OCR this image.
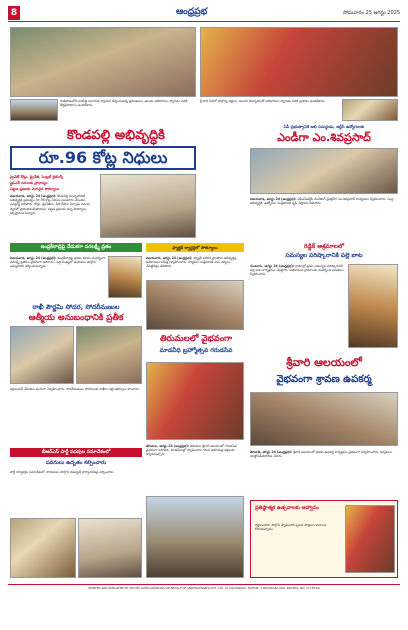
8	ఆంధ్రప్రభ	సోమవారం 25 ఆగస్టు 2025
కాణిపాకంలోని వరసిద్ధి వినాయక స్వామిని దర్శించుకున్న ప్రముఖులు, ఆలయ అధికారులు స్వాగతం పలికి తీర్థప్రసాదాలు అందజేశారు.
శ్రీ వారి సేవలో పాల్గొన్న భక్తులు, ఆలయ మర్యాదలతో అధికారులు స్వాగతం పలికి ప్రసాదం అందజేశారు.
కొండపల్లి అభివృద్ధికి
రూ.96 కోట్ల నిధులు
ప్రైవేట్ రోడ్లు, డ్రైనేజీ, సెంట్రల్ లైటింగ్స్
ఫ్లైఓవర్ పనులకు ప్రాధాన్యం
పట్టణ ప్రజలకు మెరుగైన సౌకర్యాలు
విజయవాడ, ఆగస్టు 24 (ఆంధ్రప్రభ): కొండపల్లి మున్సిపాలిటీ అభివృద్ధికి ప్రభుత్వం రూ.96 కోట్ల నిధులు మంజూరు చేసిందని ఎమ్మెల్యే తెలిపారు. రోడ్లు, డ్రైనేజీలు, వీధి దీపాల ఏర్పాటు పనులు త్వరలో ప్రారంభమవుతాయని, పట్టణ ప్రజలకు అన్ని సౌకర్యాలు కల్పిస్తామని అన్నారు.
ఇంద్రకీలాద్రిపై వేడుకగా వరలక్ష్మీ వ్రతం
విజయవాడ, ఆగస్టు 24 (ఆంధ్రప్రభ): ఇంద్రకీలాద్రిపై శ్రావణ మాసం సందర్భంగా వరలక్ష్మీ వ్రతాలు వైభవంగా జరిగాయి. పెద్ద సంఖ్యలో మహిళలు పాల్గొని అమ్మవారిని దర్శించుకున్నారు.
ఫ్యాక్టరీ క్వార్టర్లలో సౌకర్యాలు
విజయవాడ, ఆగస్టు 24 (ఆంధ్రప్రభ): ఫ్యాక్టరీ పరిసర ప్రాంతాల అభివృద్ధిపై అధికారులు సమీక్ష నిర్వహించారు. కార్మికుల సంక్షేమానికి పలు చర్యలు చేపట్టినట్లు తెలిపారు.
రాఖీ పౌర్ణమి సోదర, సోదరీమణుల
ఆత్మీయ అనుబంధానికి ప్రతీక
రక్షాబంధన్ వేడుకలు ఘనంగా నిర్వహించారు. సోదరీమణులు సోదరులకు రాఖీలు కట్టి ఆశీస్సులు పొందారు.
తిరుమలలో వైభవంగా
మాడవీధి బ్రహ్మోత్సవ గరుడసేవ
తిరుమల, ఆగస్టు 24 (ఆంధ్రప్రభ): తిరుమల శ్రీవారి ఆలయంలో గరుడసేవ వైభవంగా జరిగింది. మాడవీధుల్లో స్వామివారు గరుడ వాహనంపై భక్తులకు దర్శనమిచ్చారు.
బీఆర్ఎస్ పార్టీ పదవుల సమావేశంలో
పవనులు ఉదృతం కల్పించారు
పార్టీ కార్యకర్తల సమావేశంలో నాయకులు పాల్గొని భవిష్యత్ కార్యాచరణపై చర్చించారు.
ఏపీ ప్రభుత్వానికి అభి సమర్థుడు, ఆర్టీసీ ఉద్యోగులకు
ఎండీగా ఎం.శివప్రసాద్
విజయవాడ, ఆగస్టు 24 (ఆంధ్రప్రభ): ఏపీఎస్ఆర్టీసీ మేనేజింగ్ డైరెక్టర్‌గా ఎం.శివప్రసాద్ బాధ్యతలు స్వీకరించారు. సంస్థ అభివృద్ధికి, ఉద్యోగుల సంక్షేమానికి కృషి చేస్తానని తెలిపారు.
రెడ్డిక్ ఆశ్రమాలలో
సమస్యల పరిష్కారానికి పల్లె బాట
గుంటూరు, ఆగస్టు 24 (ఆంధ్రప్రభ): గ్రామాల్లో ప్రజల సమస్యల పరిష్కారానికి పల్లె బాట కార్యక్రమం చేపట్టారు. అధికారులు గ్రామాలను సందర్శించి వినతులు స్వీకరించారు.
శ్రీవారి ఆలయంలో
వైభవంగా శ్రావణ ఉపకర్మ
తిరుపతి, ఆగస్టు 24 (ఆంధ్రప్రభ): శ్రీవారి ఆలయంలో శ్రావణ ఉపకర్మ కార్యక్రమం వైభవంగా నిర్వహించారు. అర్చకులు యజ్ఞోపవీతధారణ చేశారు.
ప్రతిష్ఠాత్మక ఉత్సవాలకు ఆహ్వానం
భక్తులందరూ పాల్గొని స్వామివారి కృపకు పాత్రులు కావాలని కోరుతున్నాము.
PRINTED AND PUBLISHED BY MUTHA GOPALAKRISHNA ON BEHALF OF ANDHRAPRABHA PVT. LTD. AT VIJAYAWADA. EDITOR: Y. BHASKARA RAO. RNI REG. NO. 11735/66
